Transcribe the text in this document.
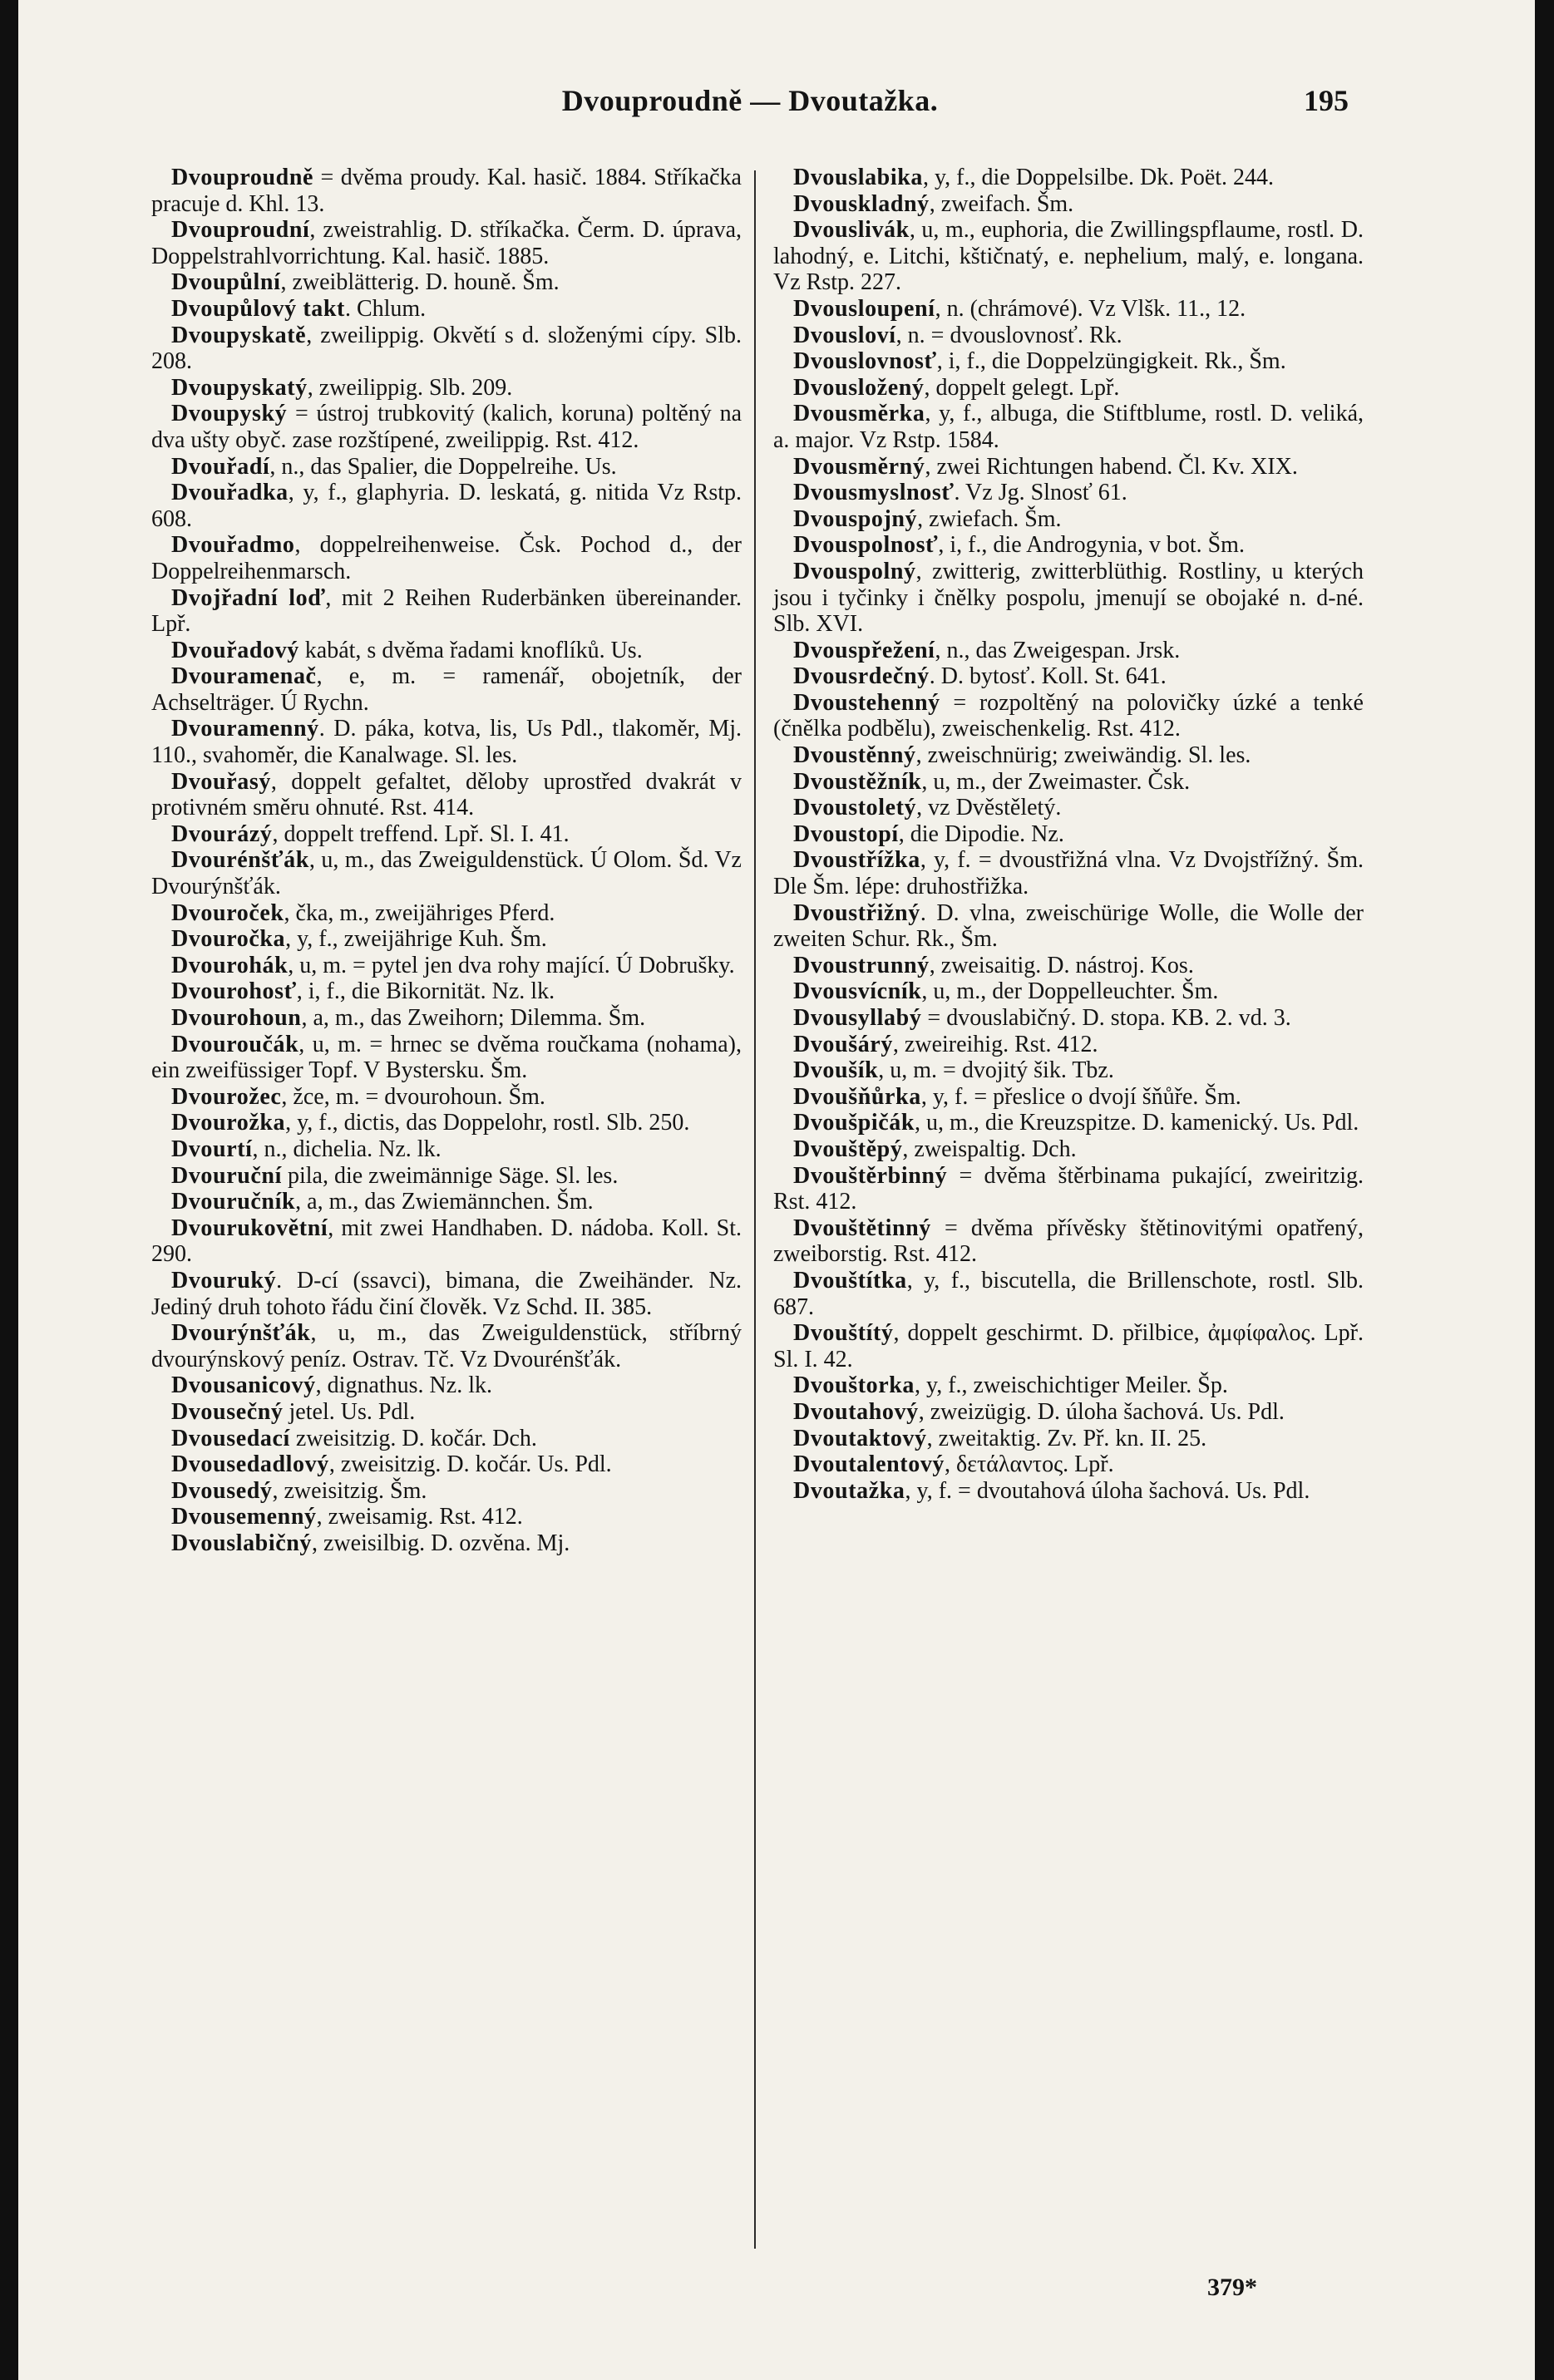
Dvouproudně — Dvoutažka.	195

Dvouproudně = dvěma proudy. Kal. hasič. 1884. Stříkačka pracuje d. Khl. 13.

Dvouproudní, zweistrahlig. D. stříkačka. Čerm. D. úprava, Doppelstrahlvorrichtung. Kal. hasič. 1885.

Dvoupůlní, zweiblätterig. D. houně. Šm.

Dvoupůlový takt. Chlum.

Dvoupyskatě, zweilippig. Okvětí s d. složenými cípy. Slb. 208.

Dvoupyskatý, zweilippig. Slb. 209.

Dvoupyský = ústroj trubkovitý (kalich, koruna) poltěný na dva ušty obyč. zase rozštípené, zweilippig. Rst. 412.

Dvouřadí, n., das Spalier, die Doppelreihe. Us.

Dvouřadka, y, f., glaphyria. D. leskatá, g. nitida Vz Rstp. 608.

Dvouřadmo, doppelreihenweise. Čsk. Pochod d., der Doppelreihenmarsch.

Dvojřadní loď, mit 2 Reihen Ruderbänken übereinander. Lpř.

Dvouřadový kabát, s dvěma řadami knoflíků. Us.

Dvouramenač, e, m. = ramenář, obojetník, der Achselträger. Ú Rychn.

Dvouramenný. D. páka, kotva, lis, Us Pdl., tlakoměr, Mj. 110., svahoměr, die Kanalwage. Sl. les.

Dvouřasý, doppelt gefaltet, děloby uprostřed dvakrát v protivném směru ohnuté. Rst. 414.

Dvourázý, doppelt treffend. Lpř. Sl. I. 41.

Dvourénšťák, u, m., das Zweiguldenstück. Ú Olom. Šd. Vz Dvourýnšťák.

Dvouroček, čka, m., zweijähriges Pferd.

Dvouročka, y, f., zweijährige Kuh. Šm.

Dvourohák, u, m. = pytel jen dva rohy mající. Ú Dobrušky.

Dvourohosť, i, f., die Bikornität. Nz. lk.

Dvourohoun, a, m., das Zweihorn; Dilemma. Šm.

Dvouroučák, u, m. = hrnec se dvěma roučkama (nohama), ein zweifüssiger Topf. V Bystersku. Šm.

Dvourožec, žce, m. = dvourohoun. Šm.

Dvourožka, y, f., dictis, das Doppelohr, rostl. Slb. 250.

Dvourtí, n., dichelia. Nz. lk.

Dvouruční pila, die zweimännige Säge. Sl. les.

Dvouručník, a, m., das Zwiemännchen. Šm.

Dvourukovětní, mit zwei Handhaben. D. nádoba. Koll. St. 290.

Dvouruký. D-cí (ssavci), bimana, die Zweihänder. Nz. Jediný druh tohoto řádu činí člověk. Vz Schd. II. 385.

Dvourýnšťák, u, m., das Zweiguldenstück, stříbrný dvourýnskový peníz. Ostrav. Tč. Vz Dvourénšťák.

Dvousanicový, dignathus. Nz. lk.

Dvousečný jetel. Us. Pdl.

Dvousedací zweisitzig. D. kočár. Dch.

Dvousedadlový, zweisitzig. D. kočár. Us. Pdl.

Dvousedý, zweisitzig. Šm.

Dvousemenný, zweisamig. Rst. 412.

Dvouslabičný, zweisilbig. D. ozvěna. Mj.

Dvouslabika, y, f., die Doppelsilbe. Dk. Poët. 244.

Dvouskladný, zweifach. Šm.

Dvouslivák, u, m., euphoria, die Zwillingspflaume, rostl. D. lahodný, e. Litchi, kštičnatý, e. nephelium, malý, e. longana. Vz Rstp. 227.

Dvousloupení, n. (chrámové). Vz Vlšk. 11., 12.

Dvousloví, n. = dvouslovnosť. Rk.

Dvouslovnosť, i, f., die Doppelzüngigkeit. Rk., Šm.

Dvousložený, doppelt gelegt. Lpř.

Dvousměrka, y, f., albuga, die Stiftblume, rostl. D. veliká, a. major. Vz Rstp. 1584.

Dvousměrný, zwei Richtungen habend. Čl. Kv. XIX.

Dvousmyslnosť. Vz Jg. Slnosť 61.

Dvouspojný, zwiefach. Šm.

Dvouspolnosť, i, f., die Androgynia, v bot. Šm.

Dvouspolný, zwitterig, zwitterblüthig. Rostliny, u kterých jsou i tyčinky i čnělky pospolu, jmenují se obojaké n. d-né. Slb. XVI.

Dvouspřežení, n., das Zweigespan. Jrsk.

Dvousrdečný. D. bytosť. Koll. St. 641.

Dvoustehenný = rozpoltěný na polovičky úzké a tenké (čnělka podbělu), zweischenkelig. Rst. 412.

Dvoustěnný, zweischnürig; zweiwändig. Sl. les.

Dvoustěžník, u, m., der Zweimaster. Čsk.

Dvoustoletý, vz Dvěstěletý.

Dvoustopí, die Dipodie. Nz.

Dvoustřížka, y, f. = dvoustřižná vlna. Vz Dvojstřížný. Šm. Dle Šm. lépe: druhostřižka.

Dvoustřižný. D. vlna, zweischürige Wolle, die Wolle der zweiten Schur. Rk., Šm.

Dvoustrunný, zweisaitig. D. nástroj. Kos.

Dvousvícník, u, m., der Doppelleuchter. Šm.

Dvousyllabý = dvouslabičný. D. stopa. KB. 2. vd. 3.

Dvoušárý, zweireihig. Rst. 412.

Dvoušík, u, m. = dvojitý šik. Tbz.

Dvoušňůrka, y, f. = přeslice o dvojí šňůře. Šm.

Dvoušpičák, u, m., die Kreuzspitze. D. kamenický. Us. Pdl.

Dvouštěpý, zweispaltig. Dch.

Dvouštěrbinný = dvěma štěrbinama pukající, zweiritzig. Rst. 412.

Dvouštětinný = dvěma přívěsky štětinovitými opatřený, zweiborstig. Rst. 412.

Dvouštítka, y, f., biscutella, die Brillenschote, rostl. Slb. 687.

Dvouštítý, doppelt geschirmt. D. přilbice, ἀμφίφαλος. Lpř. Sl. I. 42.

Dvouštorka, y, f., zweischichtiger Meiler. Šp.

Dvoutahový, zweizügig. D. úloha šachová. Us. Pdl.

Dvoutaktový, zweitaktig. Zv. Př. kn. II. 25.

Dvoutalentový, δετάλαντος. Lpř.

Dvoutažka, y, f. = dvoutahová úloha šachová. Us. Pdl.

379*
